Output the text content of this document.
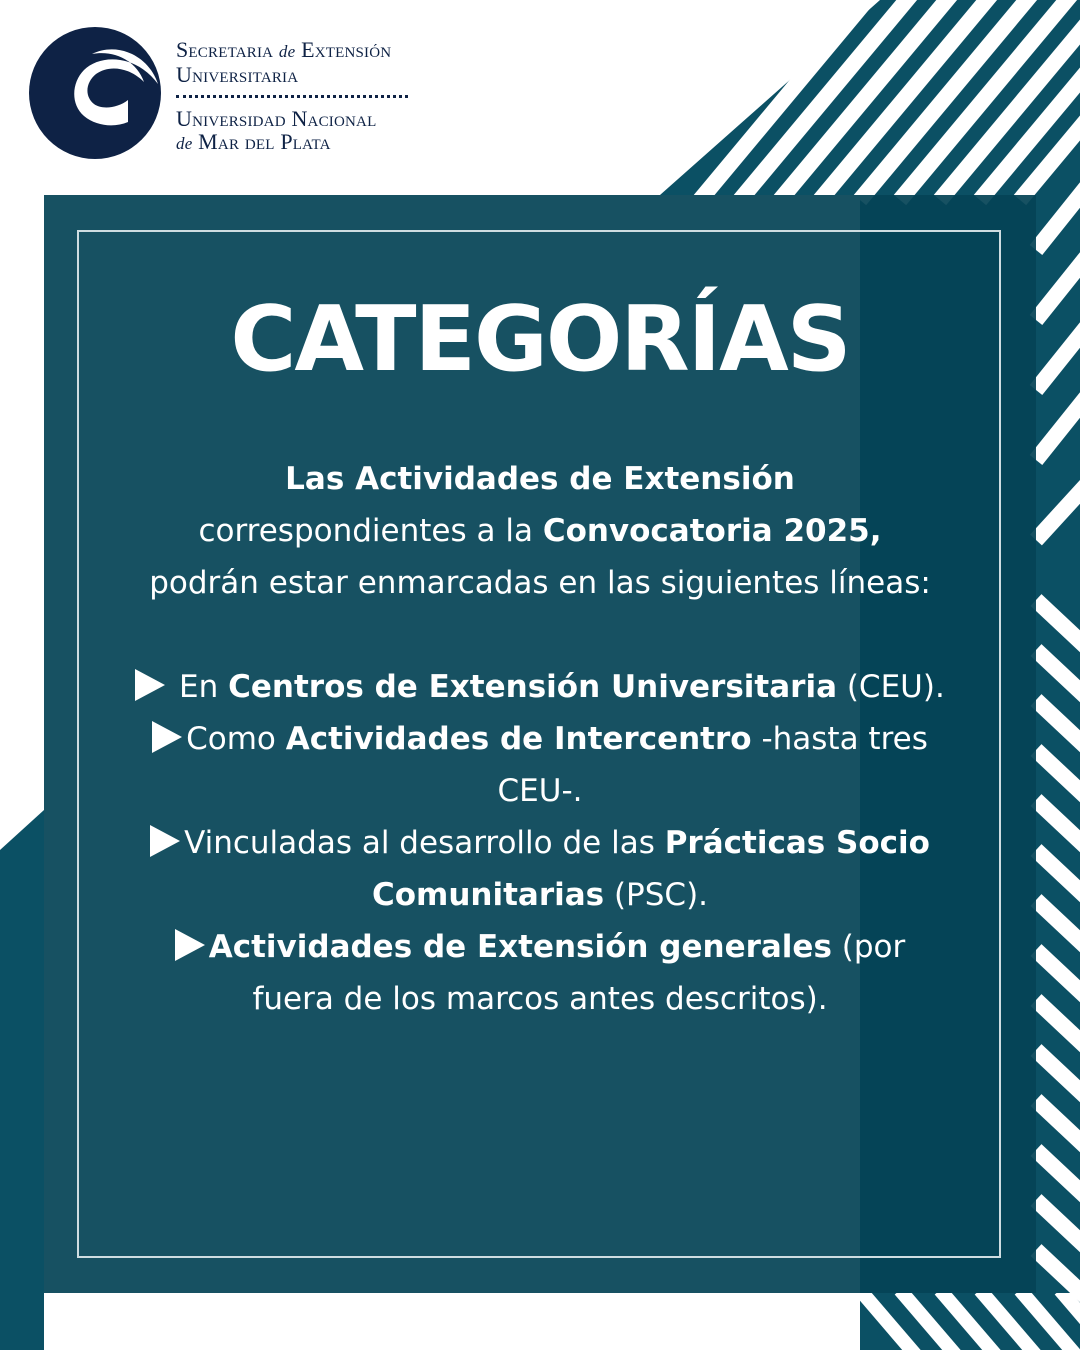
Secretaria de Extensión
Universitaria
Universidad Nacional
de Mar del Plata
CATEGORÍAS

Las Actividades de Extensión
correspondientes a la Convocatoria 2025,
podrán estar enmarcadas en las siguientes líneas:

En Centros de Extensión Universitaria (CEU).

Como Actividades de Intercentro -hasta tres CEU-.

Vinculadas al desarrollo de las Prácticas Socio Comunitarias (PSC).

Actividades de Extensión generales (por fuera de los marcos antes descritos).
